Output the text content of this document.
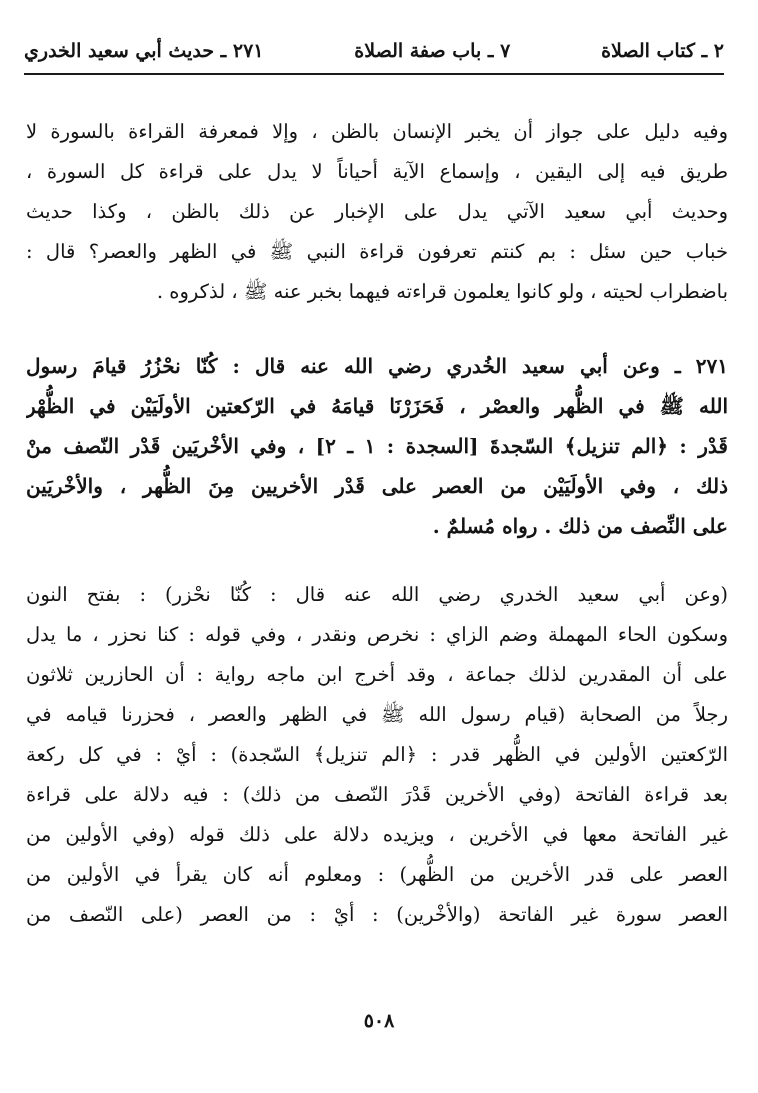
٢ ـ كتاب الصلاة
٧ ـ باب صفة الصلاة
٢٧١ ـ حديث أبي سعيد الخدري
وفيه دليل على جواز أن يخبر الإنسان بالظن ، وإلا فمعرفة القراءة بالسورة لا
طريق فيه إلى اليقين ، وإسماع الآية أحياناً لا يدل على قراءة كل السورة ،
وحديث أبي سعيد الآتي يدل على الإخبار عن ذلك بالظن ، وكذا حديث
خباب حين سئل : بم كنتم تعرفون قراءة النبي ﷺ في الظهر والعصر؟ قال :
باضطراب لحيته ، ولو كانوا يعلمون قراءته فيهما بخبر عنه ﷺ ، لذكروه .
٢٧١ ـ وعن أبي سعيد الخُدري رضي الله عنه قال : كُنّا نحْزُرُ قيامَ رسول
الله ﷺ في الظُّهر والعصْر ، فَحَزَرْنَا قيامَهُ في الرّكعتين الأولَيَيْن في الظُّهْر
قَدْر : ﴿الم تنزيل﴾ السّجدةَ [السجدة : ١ ـ ٢] ، وفي الأخْريَين قَدْر النّصف منْ
ذلك ، وفي الأولَيَيْن من العصر على قَدْر الأخريين مِنَ الظُّهر ، والأخْريَين
على النِّصف من ذلك . رواه مُسلمٌ .
(وعن أبي سعيد الخدري رضي الله عنه قال : كُنّا نحْزر) : بفتح النون
وسكون الحاء المهملة وضم الزاي : نخرص ونقدر ، وفي قوله : كنا نحزر ، ما يدل
على أن المقدرين لذلك جماعة ، وقد أخرج ابن ماجه رواية : أن الحازرين ثلاثون
رجلاً من الصحابة (قيام رسول الله ﷺ في الظهر والعصر ، فحزرنا قيامه في
الرّكعتين الأولين في الظُّهر قدر : ﴿الم تنزيل﴾ السّجدة) : أيْ : في كل ركعة
بعد قراءة الفاتحة (وفي الأخرين قَدْرَ النّصف من ذلك) : فيه دلالة على قراءة
غير الفاتحة معها في الأخرين ، ويزيده دلالة على ذلك قوله (وفي الأولين من
العصر على قدر الأخرين من الظُّهر) : ومعلوم أنه كان يقرأ في الأولين من
العصر سورة غير الفاتحة (والأخْرين) : أيْ : من العصر (على النّصف من
٥٠٨
